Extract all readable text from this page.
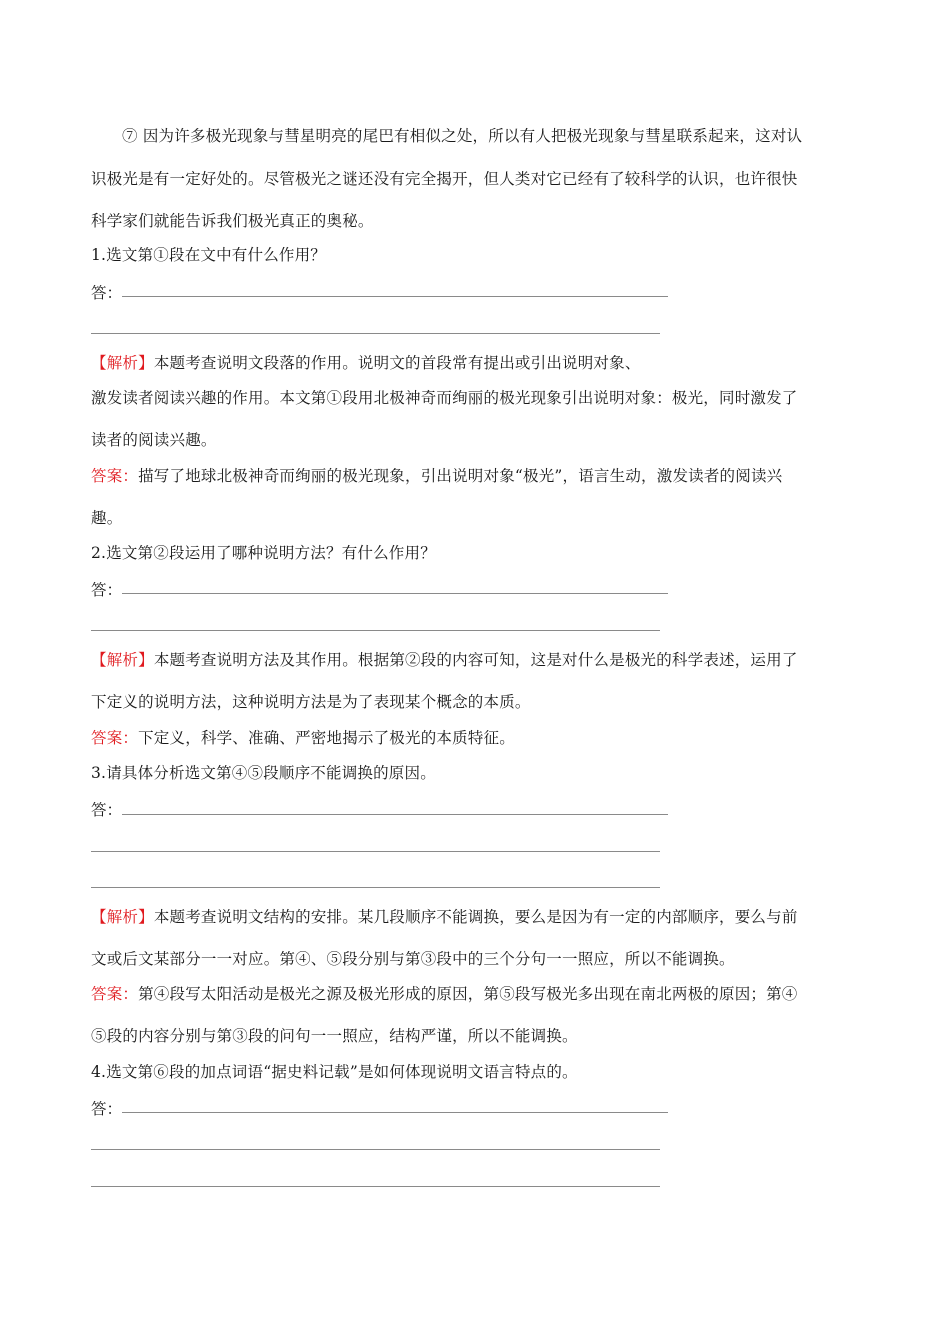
⑦ 因为许多极光现象与彗星明亮的尾巴有相似之处，所以有人把极光现象与彗星联系起来，这对认
识极光是有一定好处的。尽管极光之谜还没有完全揭开，但人类对它已经有了较科学的认识，也许很快
科学家们就能告诉我们极光真正的奥秘。
1.选文第①段在文中有什么作用？
答：
【解析】本题考查说明文段落的作用。说明文的首段常有提出或引出说明对象、
激发读者阅读兴趣的作用。本文第①段用北极神奇而绚丽的极光现象引出说明对象：极光，同时激发了
读者的阅读兴趣。
答案：描写了地球北极神奇而绚丽的极光现象，引出说明对象“极光”，语言生动，激发读者的阅读兴
趣。
2.选文第②段运用了哪种说明方法？有什么作用？
答：
【解析】本题考查说明方法及其作用。根据第②段的内容可知，这是对什么是极光的科学表述，运用了
下定义的说明方法，这种说明方法是为了表现某个概念的本质。
答案：下定义，科学、准确、严密地揭示了极光的本质特征。
3.请具体分析选文第④⑤段顺序不能调换的原因。
答：
【解析】本题考查说明文结构的安排。某几段顺序不能调换，要么是因为有一定的内部顺序，要么与前
文或后文某部分一一对应。第④、⑤段分别与第③段中的三个分句一一照应，所以不能调换。
答案：第④段写太阳活动是极光之源及极光形成的原因，第⑤段写极光多出现在南北两极的原因；第④
⑤段的内容分别与第③段的问句一一照应，结构严谨，所以不能调换。
4.选文第⑥段的加点词语“据史料记载”是如何体现说明文语言特点的。
答：
